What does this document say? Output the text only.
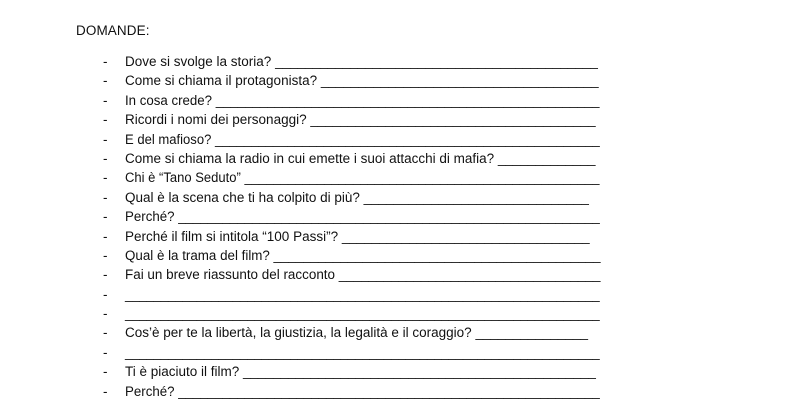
DOMANDE:
- Dove si svolge la storia? ___________________________________________
- Come si chiama il protagonista? _____________________________________
- In cosa crede? ____________________________________________________
- Ricordi i nomi dei personaggi? ______________________________________
- E del mafioso? _____________________________________________________
- Come si chiama la radio in cui emette i suoi attacchi di mafia? _____________
- Chi è “Tano Seduto” _________________________________________________
- Qual è la scena che ti ha colpito di più? ______________________________
- Perché? _________________________________________________________
- Perché il film si intitola “100 Passi”? _________________________________
- Qual è la trama del film? ____________________________________________
- Fai un breve riassunto del racconto ___________________________________
- __________________________________________________________________
- __________________________________________________________________
- Cos’è per te la libertà, la giustizia, la legalità e il coraggio? _______________
- __________________________________________________________________
- Ti è piaciuto il film? _______________________________________________
- Perché? _________________________________________________________
